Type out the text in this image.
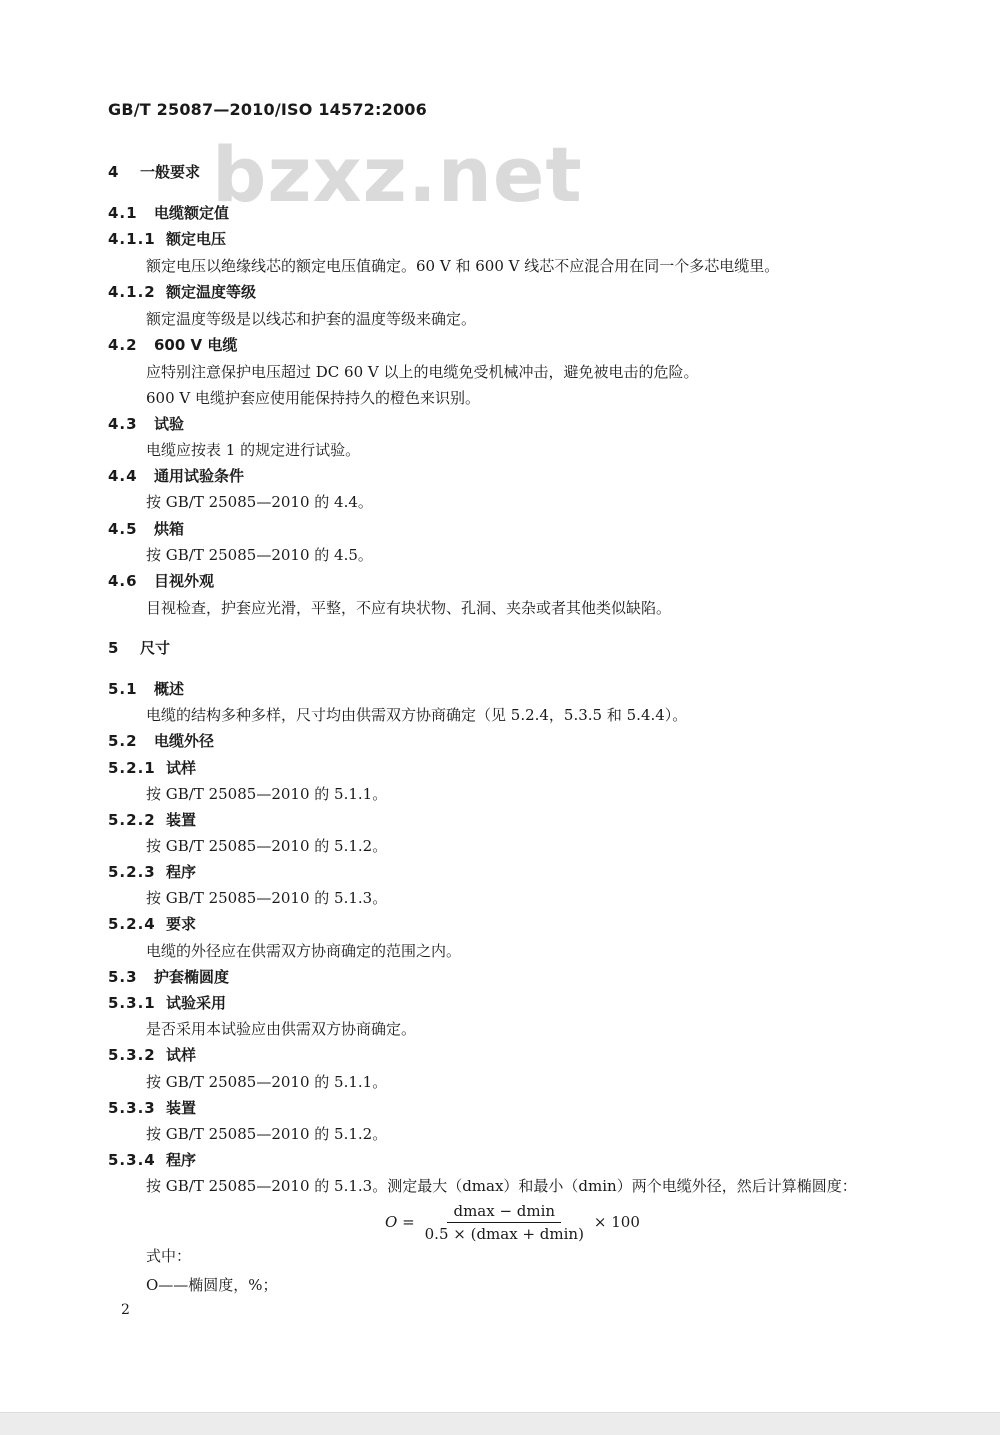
GB/T 25087—2010/ISO 14572:2006
bzxz.net
4 一般要求
4.1 电缆额定值
4.1.1 额定电压
额定电压以绝缘线芯的额定电压值确定。60 V 和 600 V 线芯不应混合用在同一个多芯电缆里。
4.1.2 额定温度等级
额定温度等级是以线芯和护套的温度等级来确定。
4.2 600 V 电缆
应特别注意保护电压超过 DC 60 V 以上的电缆免受机械冲击，避免被电击的危险。
600 V 电缆护套应使用能保持持久的橙色来识别。
4.3 试验
电缆应按表 1 的规定进行试验。
4.4 通用试验条件
按 GB/T 25085—2010 的 4.4。
4.5 烘箱
按 GB/T 25085—2010 的 4.5。
4.6 目视外观
目视检查，护套应光滑，平整，不应有块状物、孔洞、夹杂或者其他类似缺陷。
5 尺寸
5.1 概述
电缆的结构多种多样，尺寸均由供需双方协商确定（见 5.2.4，5.3.5 和 5.4.4）。
5.2 电缆外径
5.2.1 试样
按 GB/T 25085—2010 的 5.1.1。
5.2.2 装置
按 GB/T 25085—2010 的 5.1.2。
5.2.3 程序
按 GB/T 25085—2010 的 5.1.3。
5.2.4 要求
电缆的外径应在供需双方协商确定的范围之内。
5.3 护套椭圆度
5.3.1 试验采用
是否采用本试验应由供需双方协商确定。
5.3.2 试样
按 GB/T 25085—2010 的 5.1.1。
5.3.3 装置
按 GB/T 25085—2010 的 5.1.2。
5.3.4 程序
按 GB/T 25085—2010 的 5.1.3。测定最大（dmax）和最小（dmin）两个电缆外径，然后计算椭圆度：
$O = \frac{dmax - dmin}{0.5 \times (dmax + dmin)} \times 100$
式中：
O——椭圆度，%；
2
